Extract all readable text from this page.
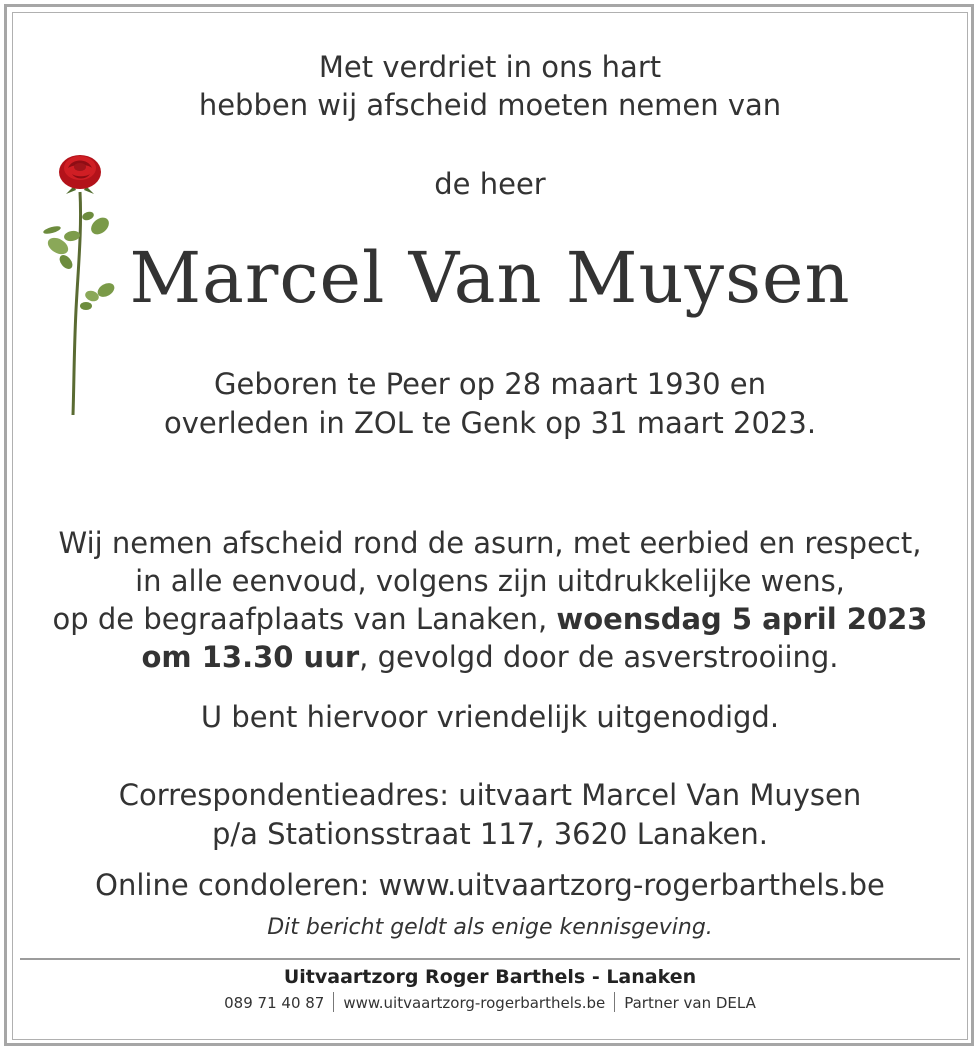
Met verdriet in ons hart
hebben wij afscheid moeten nemen van
de heer
Marcel Van Muysen
Geboren te Peer op 28 maart 1930 en
overleden in ZOL te Genk op 31 maart 2023.
Wij nemen afscheid rond de asurn, met eerbied en respect,
in alle eenvoud, volgens zijn uitdrukkelijke wens,
op de begraafplaats van Lanaken, woensdag 5 april 2023
om 13.30 uur, gevolgd door de asverstrooiing.
U bent hiervoor vriendelijk uitgenodigd.
Correspondentieadres: uitvaart Marcel Van Muysen
p/a Stationsstraat 117, 3620 Lanaken.
Online condoleren: www.uitvaartzorg-rogerbarthels.be
Dit bericht geldt als enige kennisgeving.
Uitvaartzorg Roger Barthels - Lanaken
089 71 40 87 www.uitvaartzorg-rogerbarthels.be Partner van DELA
